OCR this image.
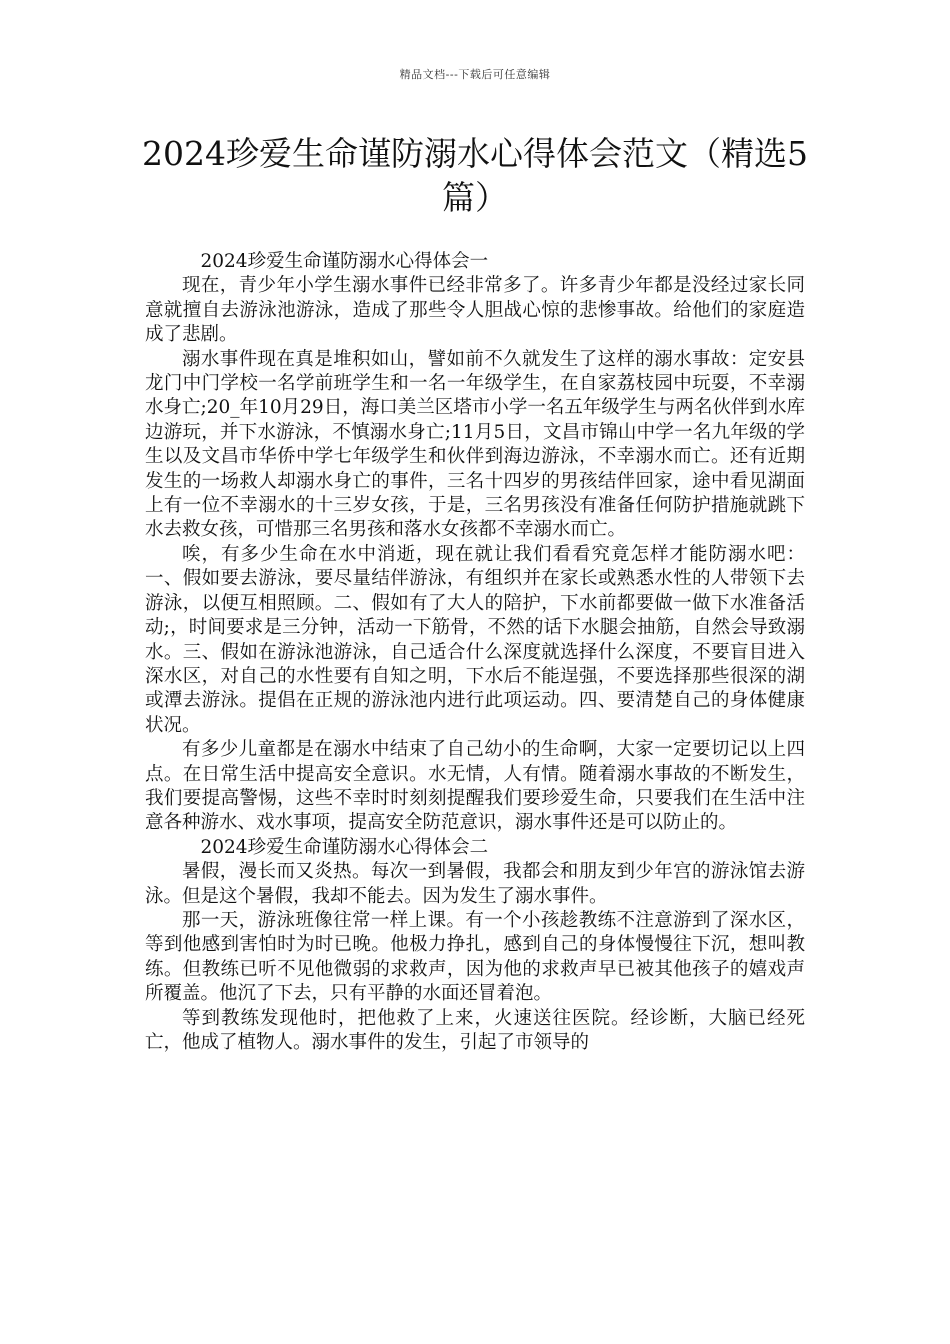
精品文档---下载后可任意编辑
2024珍爱生命谨防溺水心得体会范文（精选5篇）

2024珍爱生命谨防溺水心得体会一

现在，青少年小学生溺水事件已经非常多了。许多青少年都是没经过家长同意就擅自去游泳池游泳，造成了那些令人胆战心惊的悲惨事故。给他们的家庭造成了悲剧。

溺水事件现在真是堆积如山，譬如前不久就发生了这样的溺水事故：定安县龙门中门学校一名学前班学生和一名一年级学生，在自家荔枝园中玩耍，不幸溺水身亡;20_年10月29日，海口美兰区塔市小学一名五年级学生与两名伙伴到水库边游玩，并下水游泳，不慎溺水身亡;11月5日，文昌市锦山中学一名九年级的学生以及文昌市华侨中学七年级学生和伙伴到海边游泳，不幸溺水而亡。还有近期发生的一场救人却溺水身亡的事件，三名十四岁的男孩结伴回家，途中看见湖面上有一位不幸溺水的十三岁女孩，于是，三名男孩没有准备任何防护措施就跳下水去救女孩，可惜那三名男孩和落水女孩都不幸溺水而亡。

唉，有多少生命在水中消逝，现在就让我们看看究竟怎样才能防溺水吧：一、假如要去游泳，要尽量结伴游泳，有组织并在家长或熟悉水性的人带领下去游泳，以便互相照顾。二、假如有了大人的陪护，下水前都要做一做下水准备活动;，时间要求是三分钟，活动一下筋骨，不然的话下水腿会抽筋，自然会导致溺水。三、假如在游泳池游泳，自己适合什么深度就选择什么深度，不要盲目进入深水区，对自己的水性要有自知之明，下水后不能逞强，不要选择那些很深的湖或潭去游泳。提倡在正规的游泳池内进行此项运动。四、要清楚自己的身体健康状况。

有多少儿童都是在溺水中结束了自己幼小的生命啊，大家一定要切记以上四点。在日常生活中提高安全意识。水无情，人有情。随着溺水事故的不断发生，我们要提高警惕，这些不幸时时刻刻提醒我们要珍爱生命，只要我们在生活中注意各种游水、戏水事项，提高安全防范意识，溺水事件还是可以防止的。

2024珍爱生命谨防溺水心得体会二

暑假，漫长而又炎热。每次一到暑假，我都会和朋友到少年宫的游泳馆去游泳。但是这个暑假，我却不能去。因为发生了溺水事件。

那一天，游泳班像往常一样上课。有一个小孩趁教练不注意游到了深水区，等到他感到害怕时为时已晚。他极力挣扎，感到自己的身体慢慢往下沉，想叫教练。但教练已听不见他微弱的求救声，因为他的求救声早已被其他孩子的嬉戏声所覆盖。他沉了下去，只有平静的水面还冒着泡。

等到教练发现他时，把他救了上来，火速送往医院。经诊断，大脑已经死亡，他成了植物人。溺水事件的发生，引起了市领导的
